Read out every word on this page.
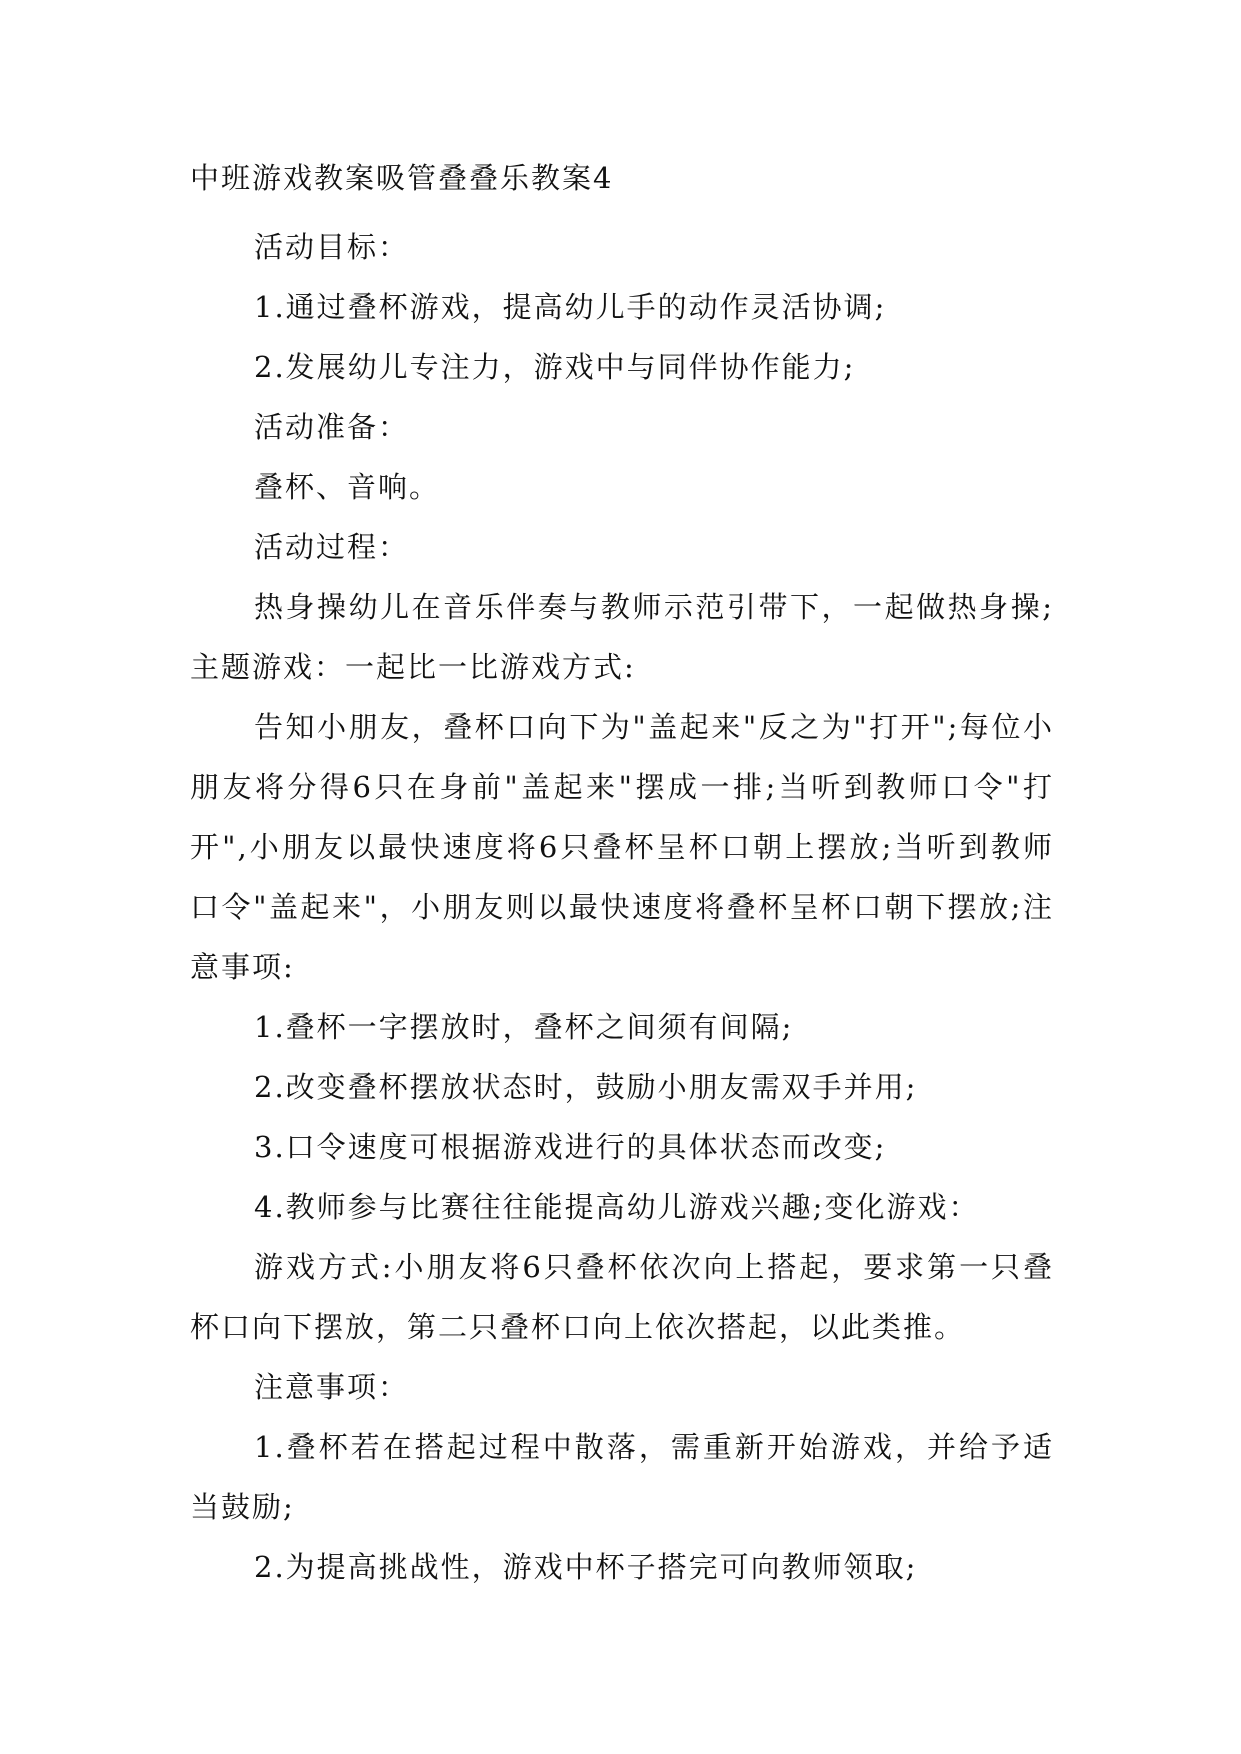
中班游戏教案吸管叠叠乐教案4

活动目标：

1.通过叠杯游戏，提高幼儿手的动作灵活协调;

2.发展幼儿专注力，游戏中与同伴协作能力;

活动准备：

叠杯、音响。

活动过程：

热身操幼儿在音乐伴奏与教师示范引带下，一起做热身操;主题游戏：一起比一比游戏方式:

告知小朋友，叠杯口向下为"盖起来"反之为"打开";每位小朋友将分得6只在身前"盖起来"摆成一排;当听到教师口令"打开",小朋友以最快速度将6只叠杯呈杯口朝上摆放;当听到教师口令"盖起来"，小朋友则以最快速度将叠杯呈杯口朝下摆放;注意事项:

1.叠杯一字摆放时，叠杯之间须有间隔;

2.改变叠杯摆放状态时，鼓励小朋友需双手并用;

3.口令速度可根据游戏进行的具体状态而改变;

4.教师参与比赛往往能提高幼儿游戏兴趣;变化游戏：

游戏方式:小朋友将6只叠杯依次向上搭起，要求第一只叠杯口向下摆放，第二只叠杯口向上依次搭起，以此类推。

注意事项：

1.叠杯若在搭起过程中散落，需重新开始游戏，并给予适当鼓励;

2.为提高挑战性，游戏中杯子搭完可向教师领取;
